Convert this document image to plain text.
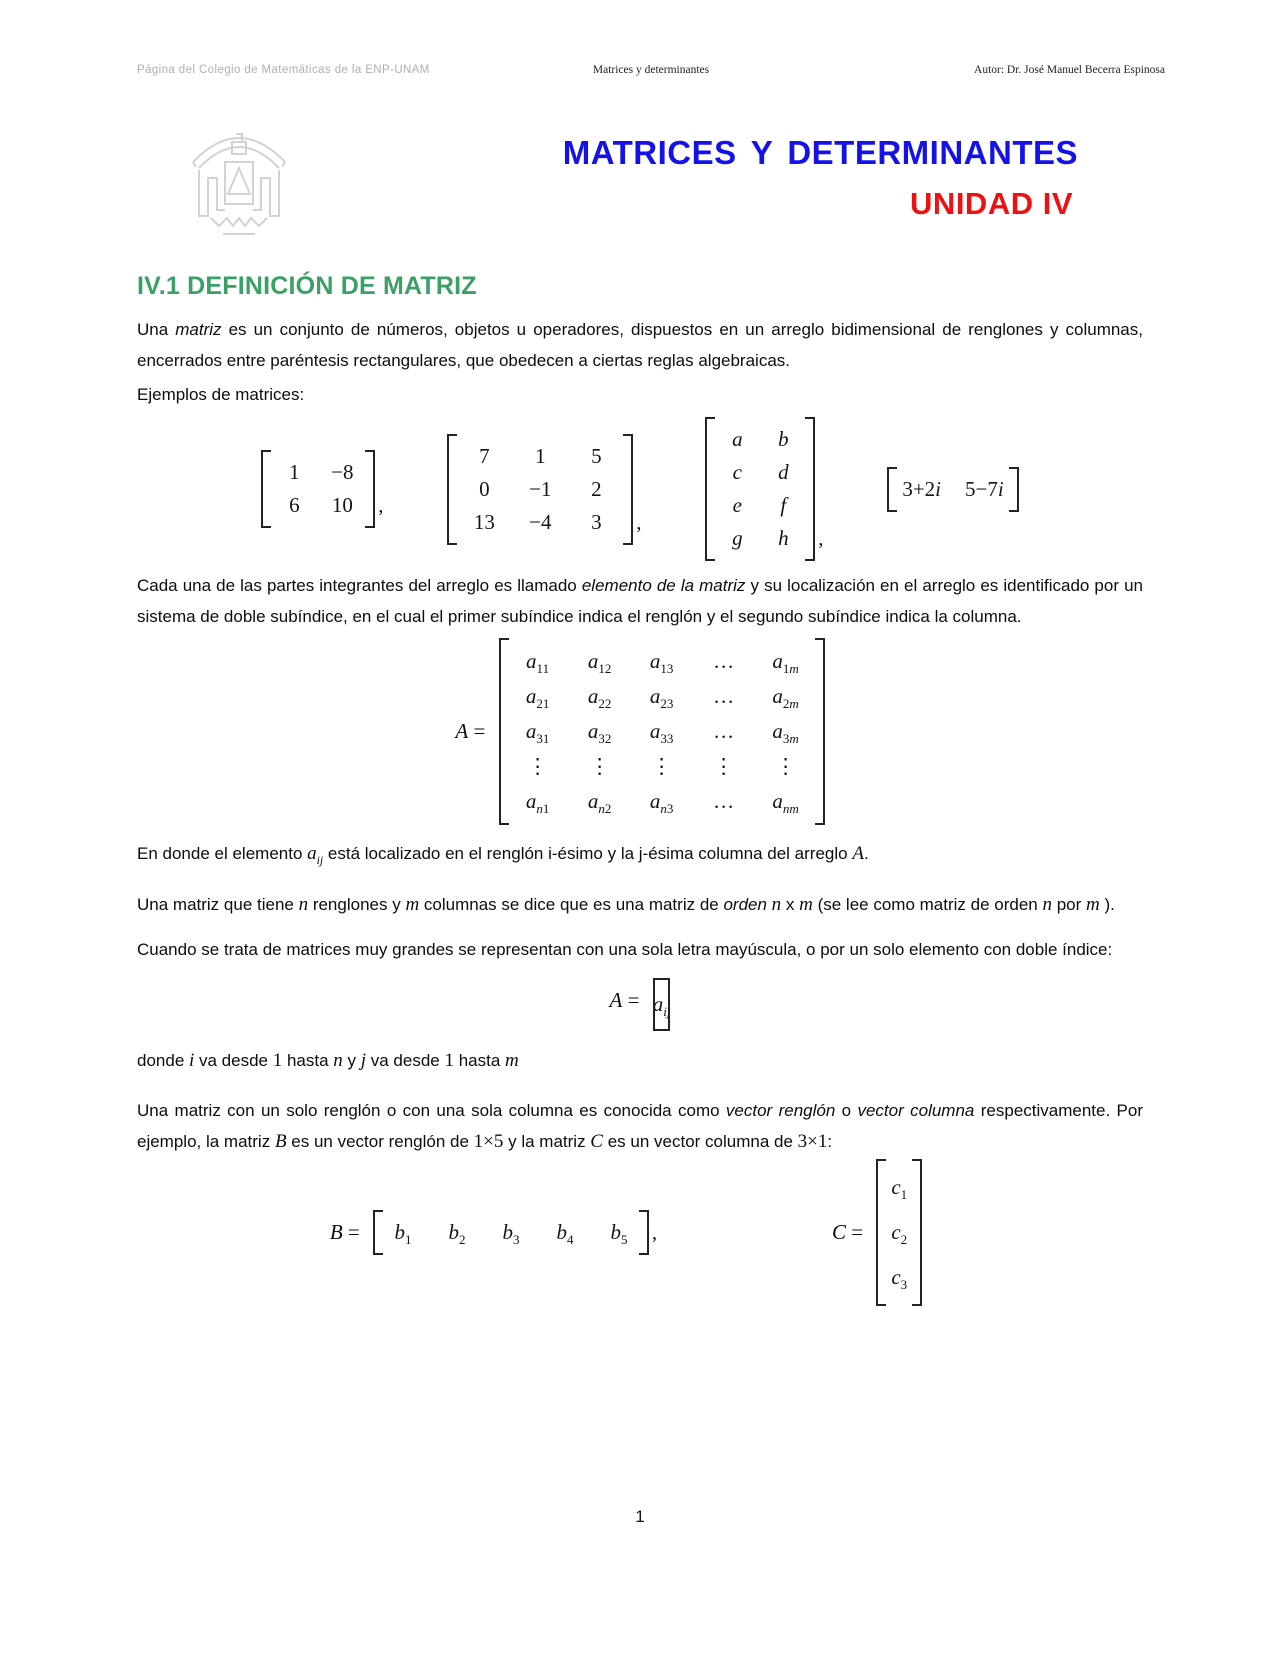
Página del Colegio de Matemáticas de la ENP-UNAM	Matrices y determinantes	Autor: Dr. José Manuel Becerra Espinosa
MATRICES Y DETERMINANTES
UNIDAD IV
IV.1 DEFINICIÓN DE MATRIZ

Una matriz es un conjunto de números, objetos u operadores, dispuestos en un arreglo bidimensional de renglones y columnas, encerrados entre paréntesis rectangulares, que obedecen a ciertas reglas algebraicas.

Ejemplos de matrices:

1	−8
6	10	,
7	1	5
0	−1	2
13	−4	3	,
a	b
c	d
e	f
g	h	,
3+2i 5−7i

Cada una de las partes integrantes del arreglo es llamado elemento de la matriz y su localización en el arreglo es identificado por un sistema de doble subíndice, en el cual el primer subíndice indica el renglón y el segundo subíndice indica la columna.

A =
$a_{11}$	$a_{12}$	$a_{13}$	…	$a_{1m}$
$a_{21}$	$a_{22}$	$a_{23}$	…	$a_{2m}$
$a_{31}$	$a_{32}$	$a_{33}$	…	$a_{3m}$
⋮	⋮	⋮	⋮	⋮
$a_{n1}$	$a_{n2}$	$a_{n3}$	…	$a_{nm}$

En donde el elemento $a_{ij}$ está localizado en el renglón i-ésimo y la j-ésima columna del arreglo A.

Una matriz que tiene n renglones y m columnas se dice que es una matriz de orden n x m (se lee como matriz de orden n por m ).

Cuando se trata de matrices muy grandes se representan con una sola letra mayúscula, o por un solo elemento con doble índice:

$A = a_{ij}$

donde i va desde 1 hasta n y j va desde 1 hasta m

Una matriz con un solo renglón o con una sola columna es conocida como vector renglón o vector columna respectivamente. Por ejemplo, la matriz B es un vector renglón de 1×5 y la matriz C es un vector columna de 3×1:

B =	$b_1$	$b_2$	$b_3$	$b_4$	$b_5$	,	C =
$c_1$
$c_2$
$c_3$
1
